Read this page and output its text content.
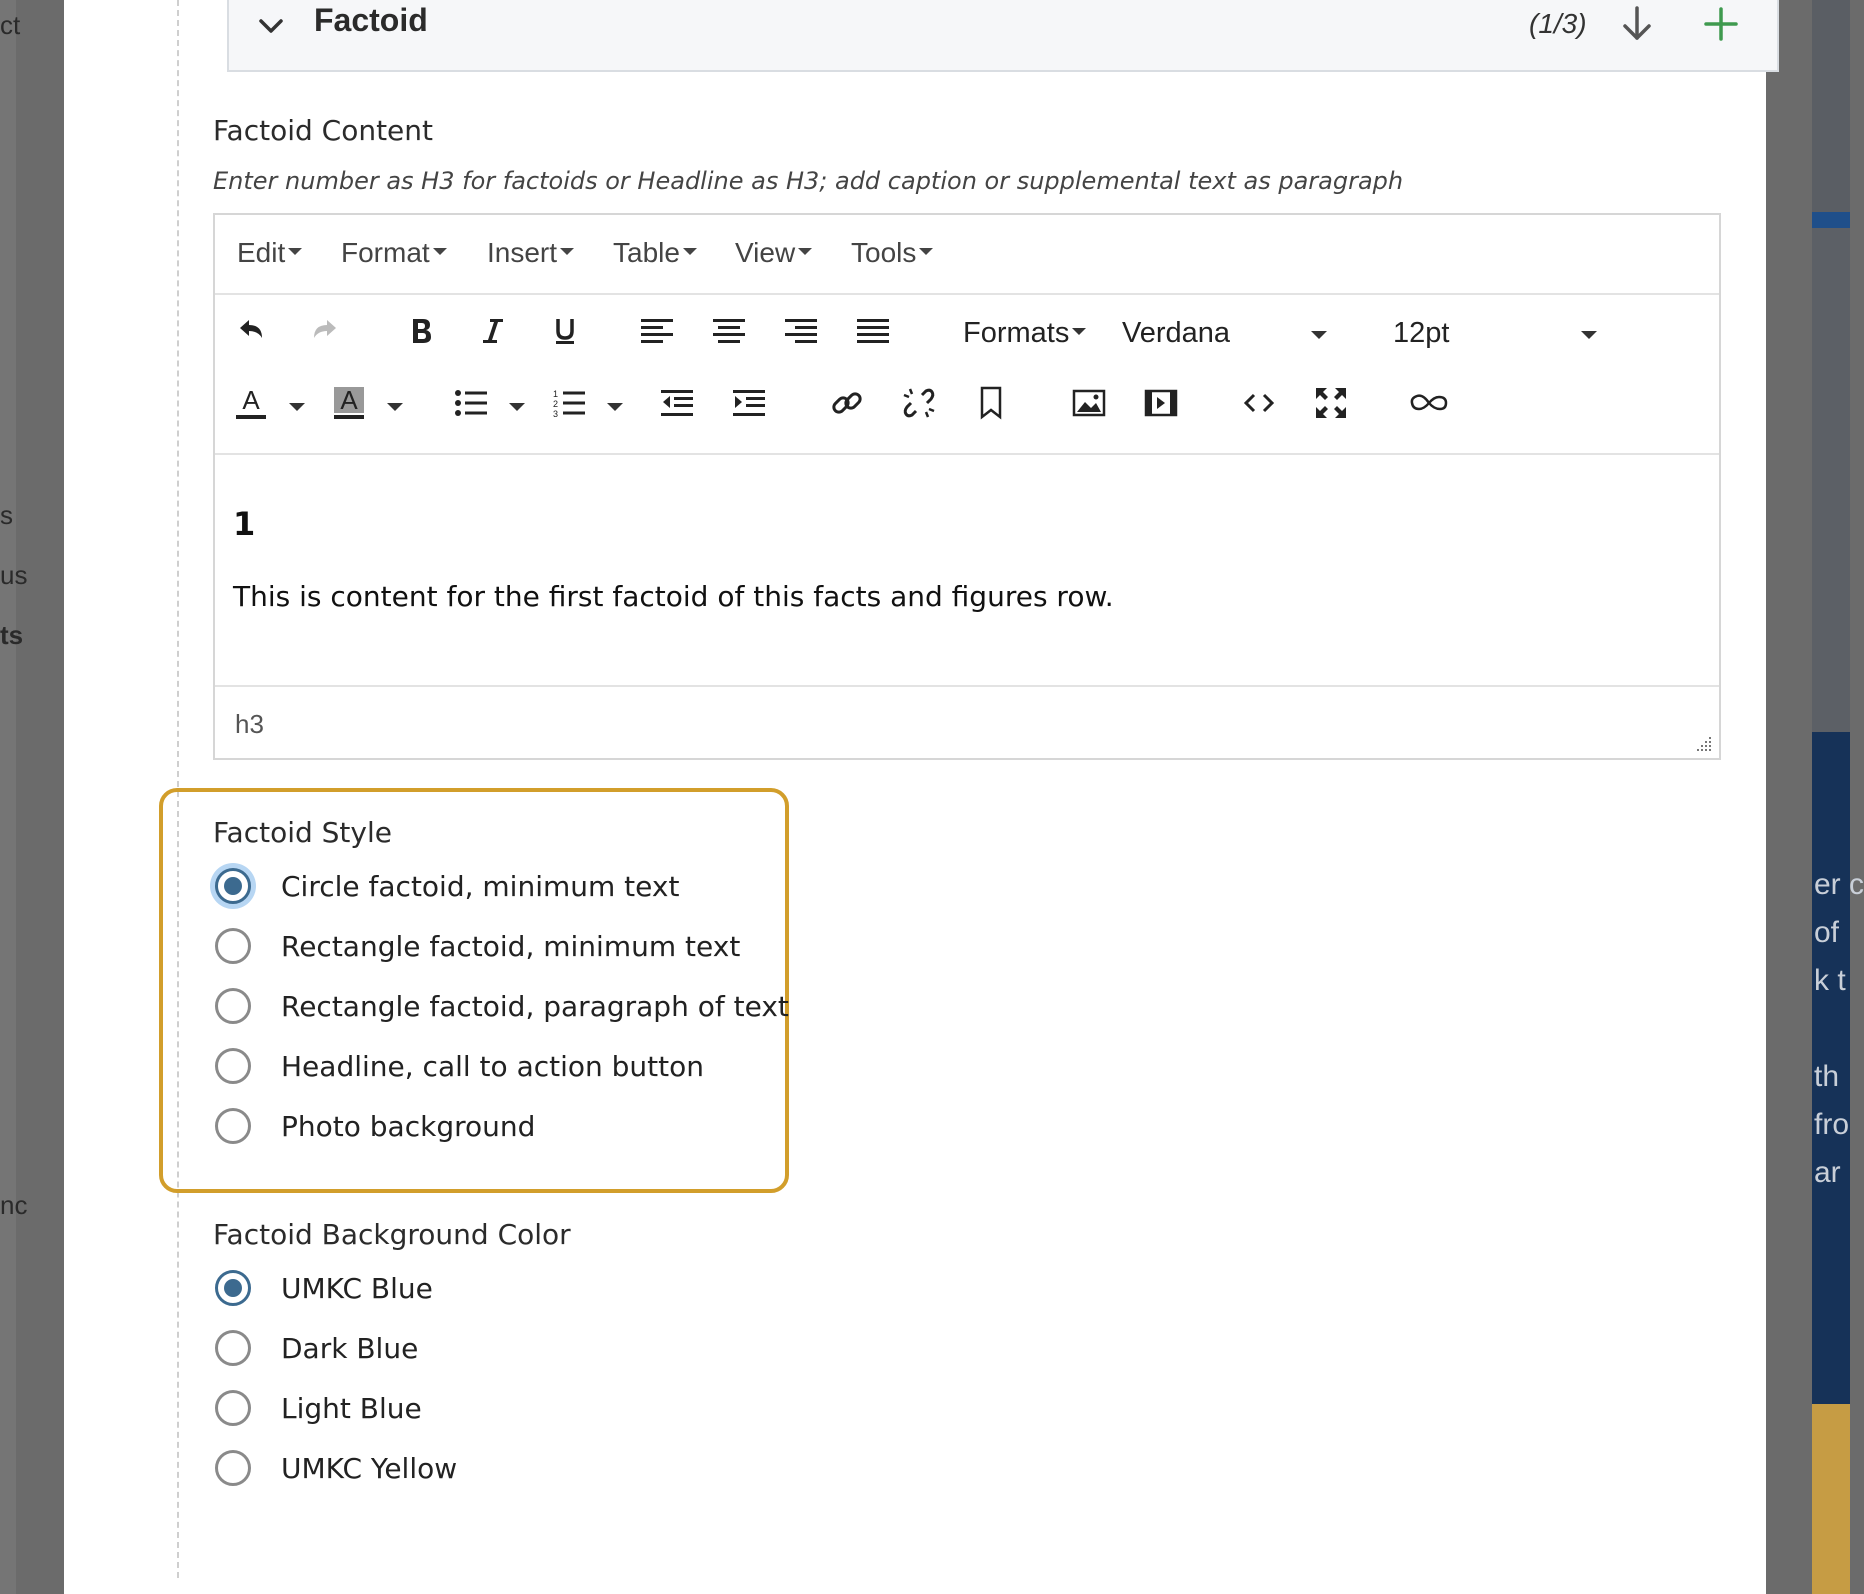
ct
s
us
ts
nc
er c
of
k t
th
fro
ar
Factoid	(1/3)
Factoid Content
Enter number as H3 for factoids or Headline as H3; add caption or supplemental text as paragraph
Edit	Format	Insert	Table	View	Tools
Formats	Verdana	12pt
A	A	1
2
3
1
This is content for the first factoid of this facts and figures row.
h3
Factoid Style
Circle factoid, minimum text
Rectangle factoid, minimum text
Rectangle factoid, paragraph of text
Headline, call to action button
Photo background
Factoid Background Color
UMKC Blue
Dark Blue
Light Blue
UMKC Yellow
